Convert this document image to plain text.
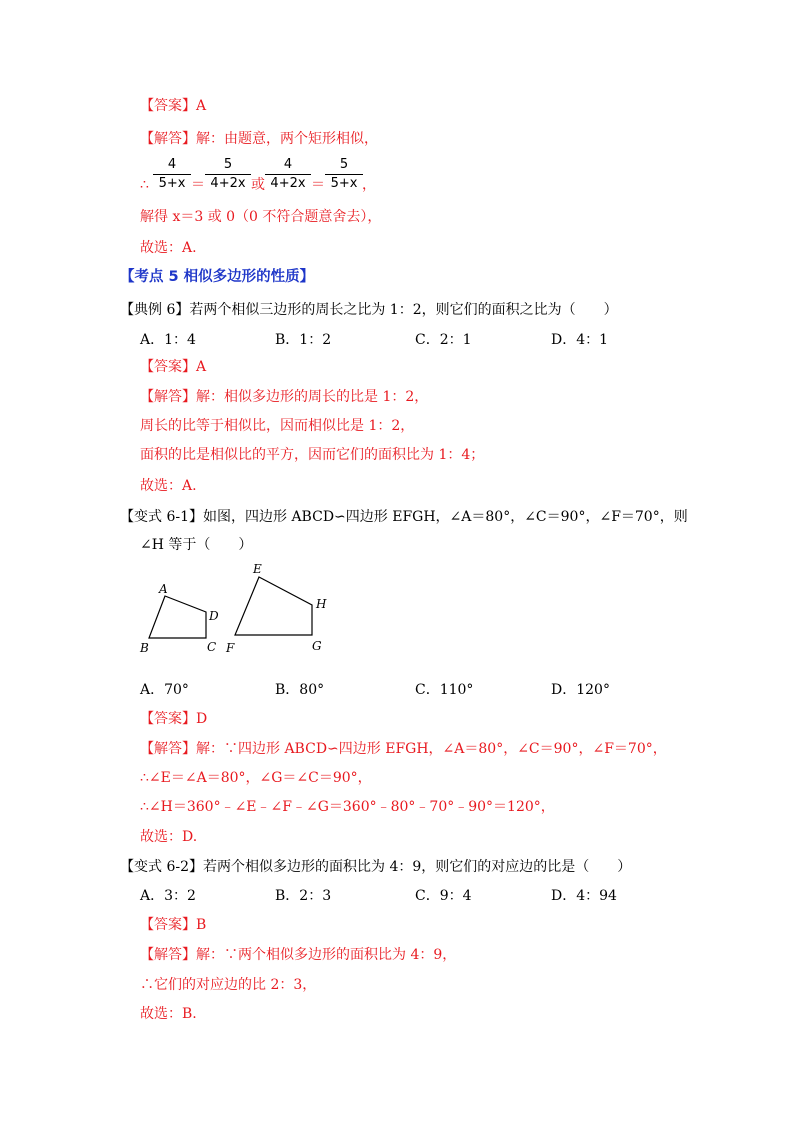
【答案】A
【解答】解：由题意，两个矩形相似，
∴ $\frac{4}{5+x} = \frac{5}{4+2x}$ 或 $\frac{4}{4+2x} = \frac{5}{5+x}$ ，
解得 x＝3 或 0（0 不符合题意舍去），
故选：A.
【考点 5 相似多边形的性质】
【典例 6】若两个相似三边形的周长之比为 1：2，则它们的面积之比为（　　）
A．1：4	B．1：2	C．2：1	D．4：1
【答案】A
【解答】解：相似多边形的周长的比是 1：2，
周长的比等于相似比，因而相似比是 1：2，
面积的比是相似比的平方，因而它们的面积比为 1：4；
故选：A.
【变式 6-1】如图，四边形 ABCD∽四边形 EFGH，∠A＝80°，∠C＝90°，∠F＝70°，则
∠H 等于（　　）
A
D
B	C
E
H
F	G
A．70°	B．80°	C．110°	D．120°
【答案】D
【解答】解：∵四边形 ABCD∽四边形 EFGH，∠A＝80°，∠C＝90°，∠F＝70°，
∴∠E＝∠A＝80°，∠G＝∠C＝90°，
∴∠H＝360°﹣∠E﹣∠F﹣∠G＝360°﹣80°﹣70°﹣90°＝120°，
故选：D.
【变式 6-2】若两个相似多边形的面积比为 4：9，则它们的对应边的比是（　　）
A．3：2	B．2：3	C．9：4	D．4：94
【答案】B
【解答】解：∵两个相似多边形的面积比为 4：9，
∴它们的对应边的比 2：3，
故选：B.
